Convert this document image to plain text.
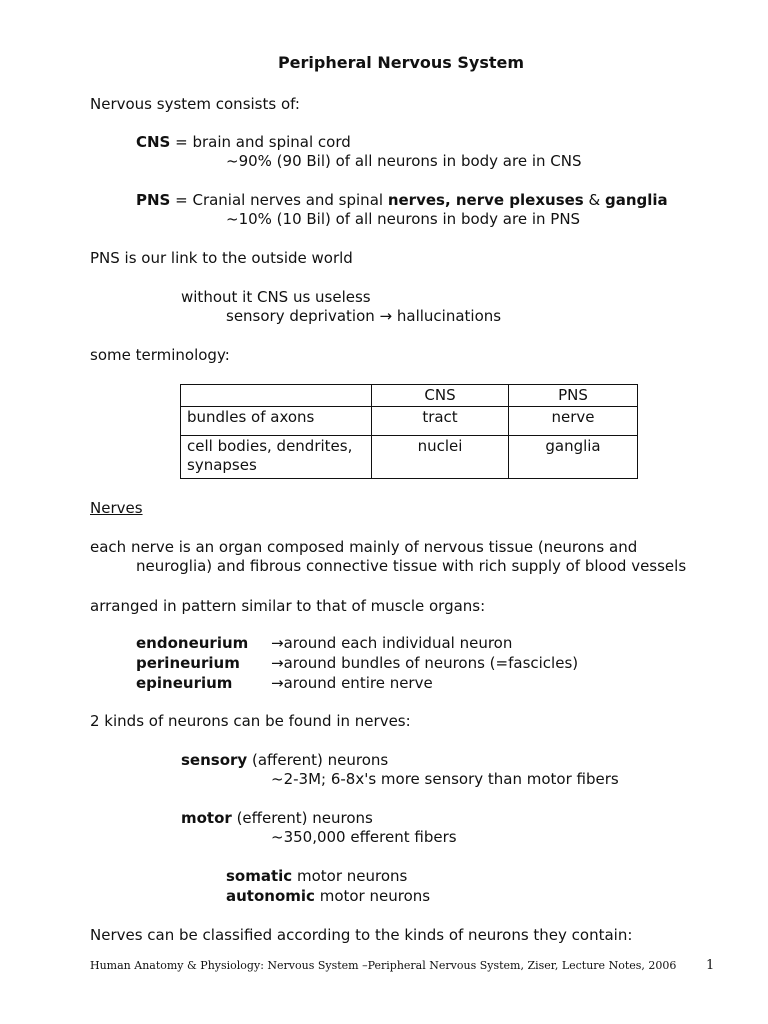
Peripheral Nervous System
Nervous system consists of:
CNS = brain and spinal cord
~90% (90 Bil) of all neurons in body are in CNS
PNS = Cranial nerves and spinal nerves, nerve plexuses & ganglia
~10% (10 Bil) of all neurons in body are in PNS
PNS is our link to the outside world
without it CNS us useless
sensory deprivation → hallucinations
some terminology:
	CNS	PNS
bundles of axons	tract	nerve
cell bodies, dendrites,
synapses	nuclei	ganglia
Nerves
each nerve is an organ composed mainly of nervous tissue (neurons and
neuroglia) and fibrous connective tissue with rich supply of blood vessels
arranged in pattern similar to that of muscle organs:
endoneurium →around each individual neuron
perineurium →around bundles of neurons (=fascicles)
epineurium	→around entire nerve
2 kinds of neurons can be found in nerves:
sensory (afferent) neurons
~2-3M; 6-8x's more sensory than motor fibers
motor (efferent) neurons
~350,000 efferent fibers
somatic motor neurons
autonomic motor neurons
Nerves can be classified according to the kinds of neurons they contain:
Human Anatomy & Physiology: Nervous System –Peripheral Nervous System, Ziser, Lecture Notes, 2006 1
